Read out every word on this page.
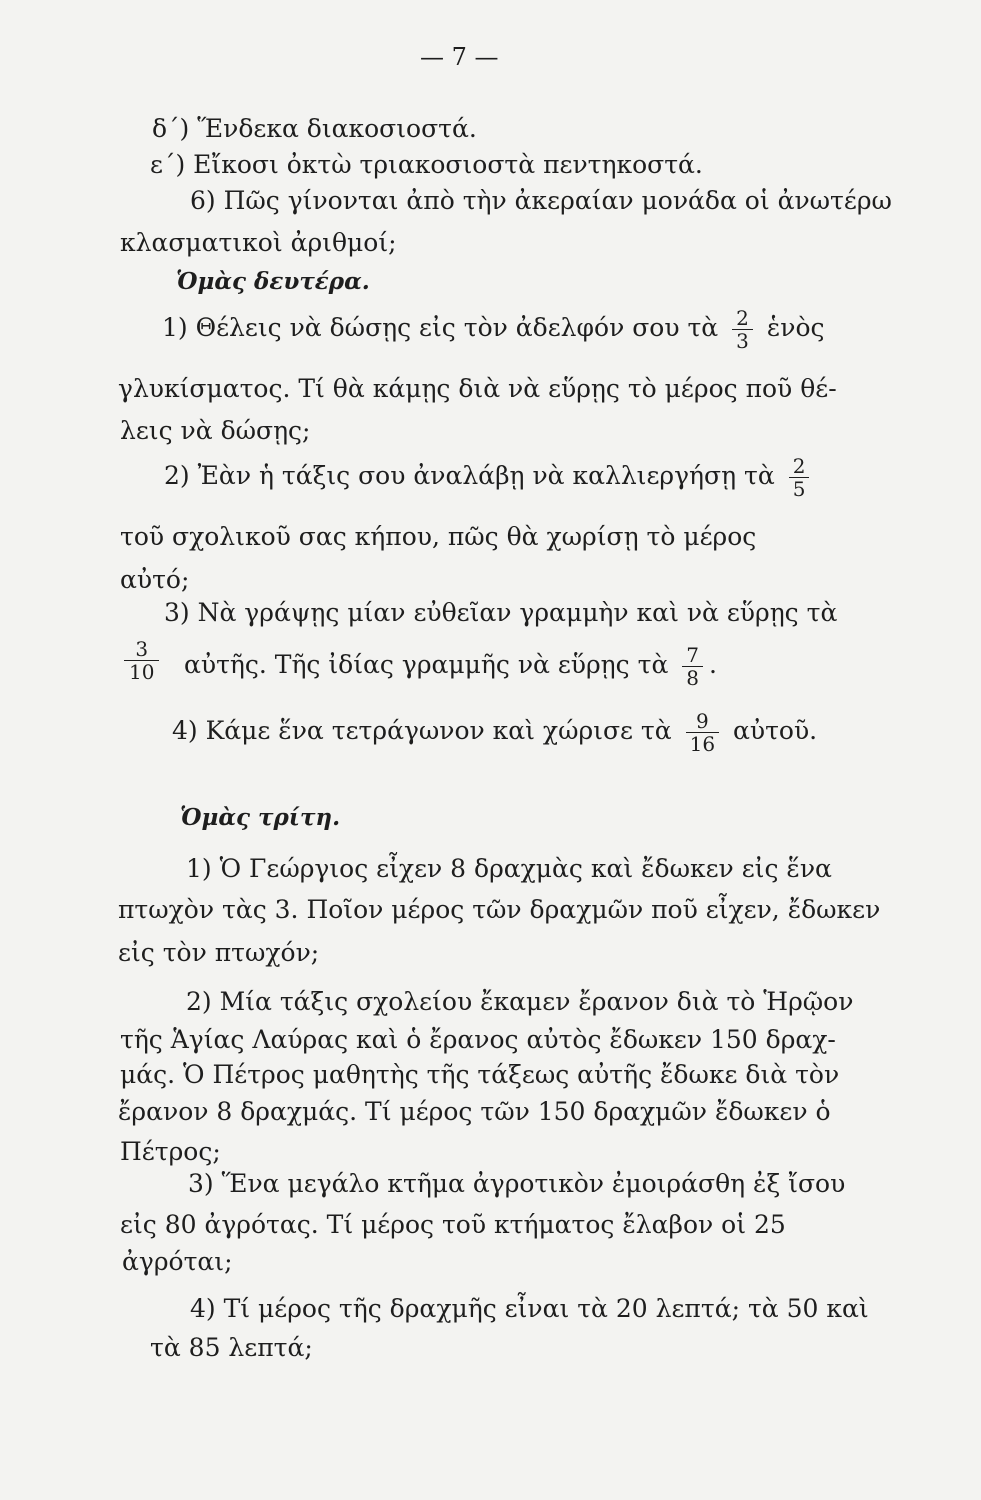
— 7 —
δ΄) Ἕνδεκα διακοσιοστά.
ε΄) Εἴκοσι ὀκτὼ τριακοσιοστὰ πεντηκοστά.
6) Πῶς γίνονται ἀπὸ τὴν ἀκεραίαν μονάδα οἱ ἀνωτέρω
κλασματικοὶ ἀριθμοί;
Ὁμὰς δευτέρα.
1) Θέλεις νὰ δώσῃς εἰς τὸν ἀδελφόν σου τὰ $\frac{2}{3}$ ἑνὸς
γλυκίσματος. Τί θὰ κάμῃς διὰ νὰ εὕρῃς τὸ μέρος ποῦ θέ-
λεις νὰ δώσῃς;
2) Ἐὰν ἡ τάξις σου ἀναλάβῃ νὰ καλλιεργήσῃ τὰ $\frac{2}{5}$
τοῦ σχολικοῦ σας κήπου, πῶς θὰ χωρίσῃ τὸ μέρος
αὐτό;
3) Νὰ γράψῃς μίαν εὐθεῖαν γραμμὴν καὶ νὰ εὕρῃς τὰ
$\frac{3}{10}$ αὐτῆς. Τῆς ἰδίας γραμμῆς νὰ εὕρῃς τὰ $\frac{7}{8}$ .
4) Κάμε ἕνα τετράγωνον καὶ χώρισε τὰ $\frac{9}{16}$ αὐτοῦ.
Ὁμὰς τρίτη.
1) Ὁ Γεώργιος εἶχεν 8 δραχμὰς καὶ ἔδωκεν εἰς ἕνα
πτωχὸν τὰς 3. Ποῖον μέρος τῶν δραχμῶν ποῦ εἶχεν, ἔδωκεν
εἰς τὸν πτωχόν;
2) Μία τάξις σχολείου ἔκαμεν ἔρανον διὰ τὸ Ἡρῷον
τῆς Ἁγίας Λαύρας καὶ ὁ ἔρανος αὐτὸς ἔδωκεν 150 δραχ-
μάς. Ὁ Πέτρος μαθητὴς τῆς τάξεως αὐτῆς ἔδωκε διὰ τὸν
ἔρανον 8 δραχμάς. Τί μέρος τῶν 150 δραχμῶν ἔδωκεν ὁ
Πέτρος;
3) Ἕνα μεγάλο κτῆμα ἀγροτικὸν ἐμοιράσθη ἐξ ἴσου
εἰς 80 ἀγρότας. Τί μέρος τοῦ κτήματος ἔλαβον οἱ 25
ἀγρόται;
4) Τί μέρος τῆς δραχμῆς εἶναι τὰ 20 λεπτά; τὰ 50 καὶ
τὰ 85 λεπτά;
